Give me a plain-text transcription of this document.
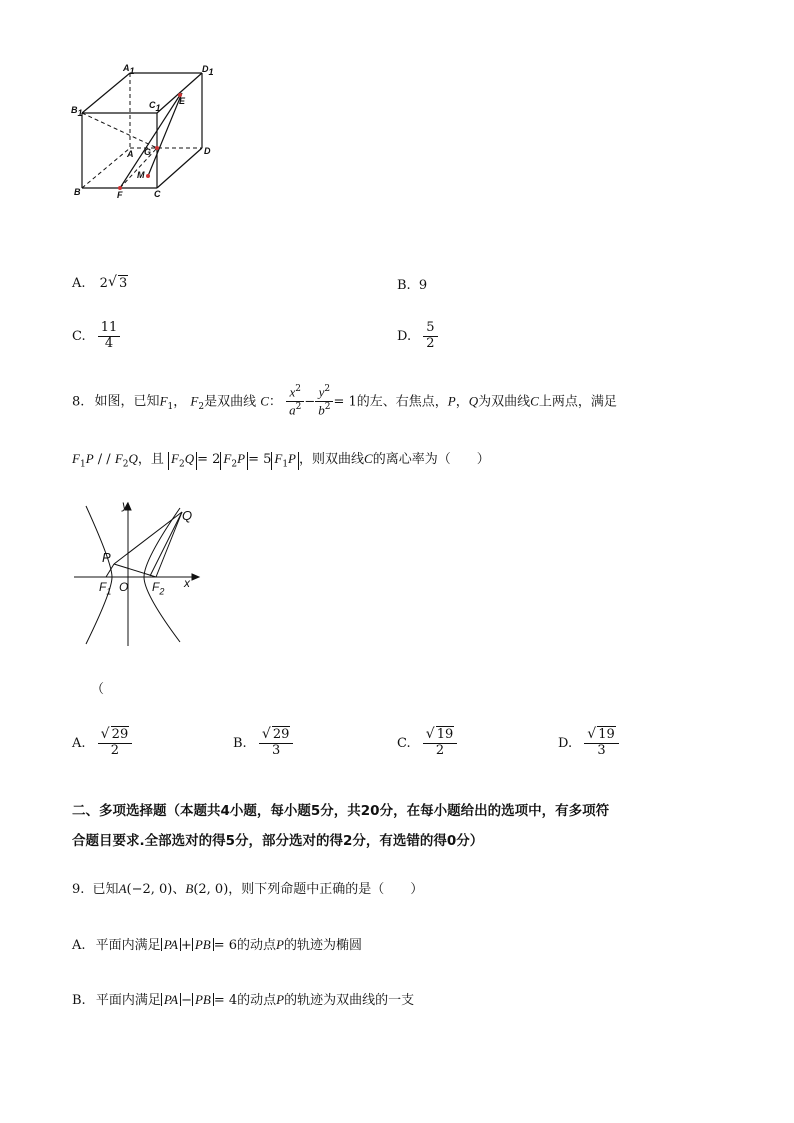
A1	D1
B1
C1
E
A G	D
M
B	F	C
A. 2 √ 3	B. 9
C. $\frac{11}{4}$	D. $\frac{5}{2}$
8. 如图，已知$F_1$， $F_2$是双曲线 C： $\frac{x^2}{a^2} - \frac{y^2}{b^2} = 1$的左、右焦点，P，Q为双曲线C上两点，满足
$F_1P$ / / $F_2Q$，且 $F_2Q = 2$ $F_2P = 5$ $F_1P$ ，则双曲线C的离心率为（　　）
y
Q
P
$F_1$ O $F_2$
x
（
A. $\frac{√ 29}{2}$	B. $\frac{√ 29}{3}$	C. $\frac{√ 19}{2}$	D. $\frac{√ 19}{3}$
二、多项选择题（本题共4小题，每小题5分，共20分，在每小题给出的选项中，有多项符
合题目要求.全部选对的得5分，部分选对的得2分，有选错的得0分）
9. 已知A(−2, 0)、B(2, 0)，则下列命题中正确的是（　　）
A. 平面内满足 PA + PB = 6的动点P的轨迹为椭圆
B. 平面内满足 PA − PB = 4的动点P的轨迹为双曲线的一支
